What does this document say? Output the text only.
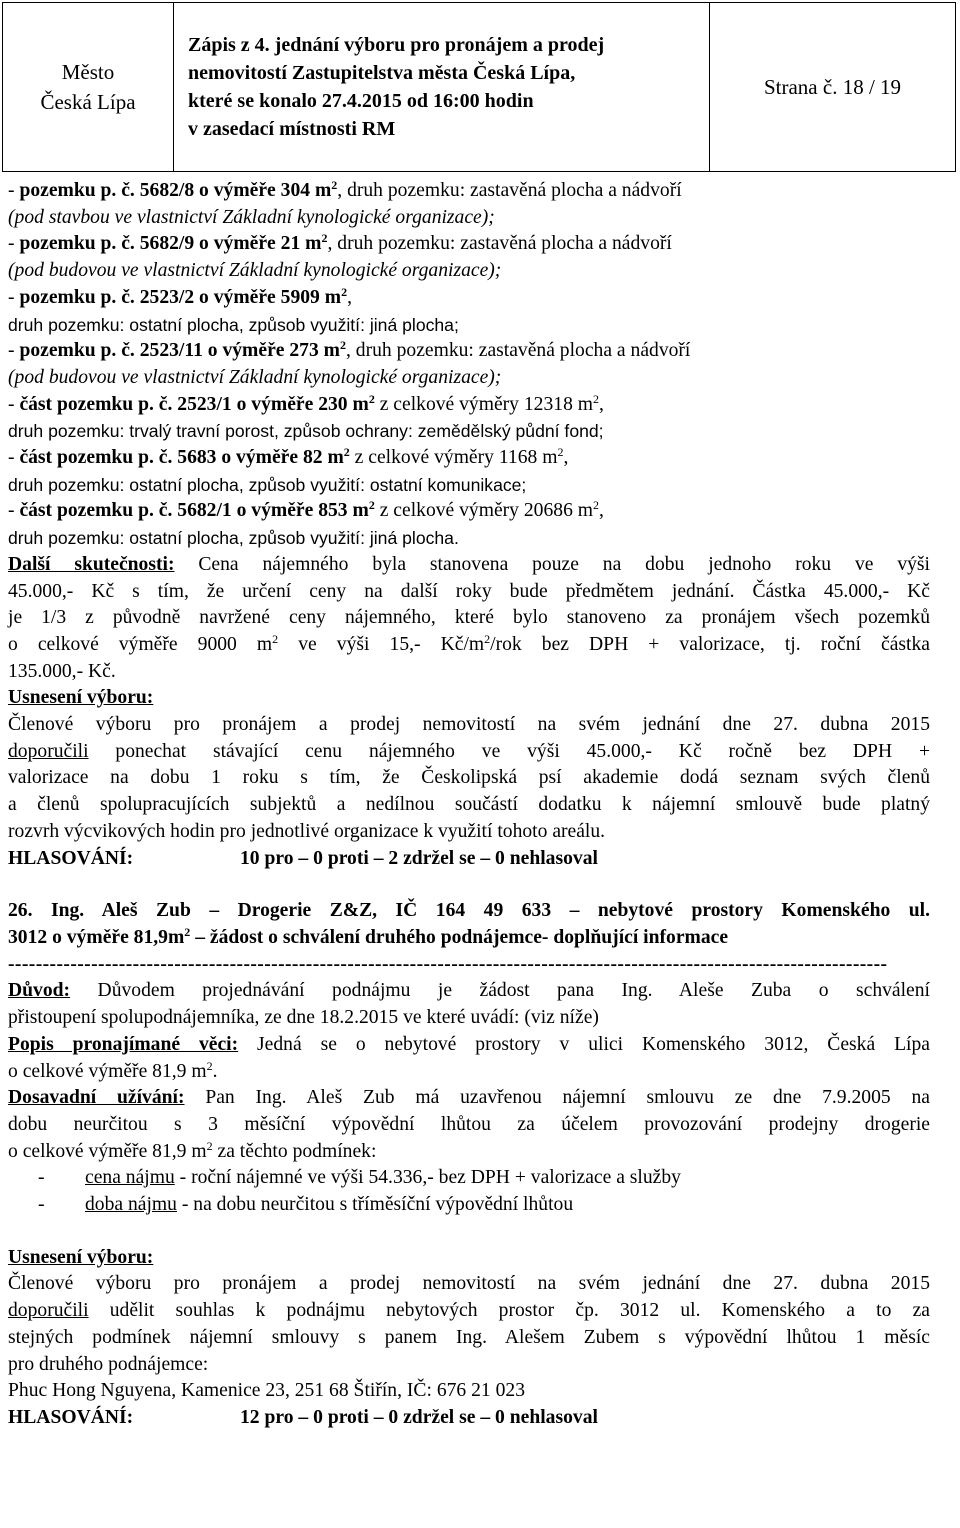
Město
Česká Lípa
Zápis z 4. jednání výboru pro pronájem a prodej
nemovitostí Zastupitelstva města Česká Lípa,
které se konalo 27.4.2015 od 16:00 hodin
v zasedací místnosti RM
Strana č. 18 / 19

- pozemku p. č. 5682/8 o výměře 304 $m^2$, druh pozemku: zastavěná plocha a nádvoří

(pod stavbou ve vlastnictví Základní kynologické organizace);

- pozemku p. č. 5682/9 o výměře 21 $m^2$, druh pozemku: zastavěná plocha a nádvoří

(pod budovou ve vlastnictví Základní kynologické organizace);

- pozemku p. č. 2523/2 o výměře 5909 $m^2$,

druh pozemku: ostatní plocha, způsob využití: jiná plocha;

- pozemku p. č. 2523/11 o výměře 273 $m^2$, druh pozemku: zastavěná plocha a nádvoří

(pod budovou ve vlastnictví Základní kynologické organizace);

- část pozemku p. č. 2523/1 o výměře 230 $m^2$ z celkové výměry 12318 $m^2$,

druh pozemku: trvalý travní porost, způsob ochrany: zemědělský půdní fond;

- část pozemku p. č. 5683 o výměře 82 $m^2$ z celkové výměry 1168 $m^2$,

druh pozemku: ostatní plocha, způsob využití: ostatní komunikace;

- část pozemku p. č. 5682/1 o výměře 853 $m^2$ z celkové výměry 20686 $m^2$,

druh pozemku: ostatní plocha, způsob využití: jiná plocha.

Další skutečnosti: Cena nájemného byla stanovena pouze na dobu jednoho roku ve výši

45.000,- Kč s tím, že určení ceny na další roky bude předmětem jednání. Částka 45.000,- Kč

je 1/3 z původně navržené ceny nájemného, které bylo stanoveno za pronájem všech pozemků

o celkové výměře 9000 $m^2$ ve výši 15,- $Kč/m^2$/rok bez DPH + valorizace, tj. roční částka

135.000,- Kč.

Usnesení výboru:

Členové výboru pro pronájem a prodej nemovitostí na svém jednání dne 27. dubna 2015

doporučili ponechat stávající cenu nájemného ve výši 45.000,- Kč ročně bez DPH +

valorizace na dobu 1 roku s tím, že Českolipská psí akademie dodá seznam svých členů

a členů spolupracujících subjektů a nedílnou součástí dodatku k nájemní smlouvě bude platný

rozvrh výcvikových hodin pro jednotlivé organizace k využití tohoto areálu.

HLASOVÁNÍ:	10 pro – 0 proti – 2 zdržel se – 0 nehlasoval

26. Ing. Aleš Zub – Drogerie Z&Z, IČ 164 49 633 – nebytové prostory Komenského ul.

3012 o výměře $81,9m^2$ – žádost o schválení druhého podnájemce- doplňující informace

-------------------------------------------------------------------------------------------------------------------------------

Důvod: Důvodem projednávání podnájmu je žádost pana Ing. Aleše Zuba o schválení

přistoupení spolupodnájemníka, ze dne 18.2.2015 ve které uvádí: (viz níže)

Popis pronajímané věci: Jedná se o nebytové prostory v ulici Komenského 3012, Česká Lípa

o celkové výměře 81,9 $m^2$.

Dosavadní užívání: Pan Ing. Aleš Zub má uzavřenou nájemní smlouvu ze dne 7.9.2005 na

dobu neurčitou s 3 měsíční výpovědní lhůtou za účelem provozování prodejny drogerie

o celkové výměře 81,9 $m^2$ za těchto podmínek:

- cena nájmu - roční nájemné ve výši 54.336,- bez DPH + valorizace a služby

- doba nájmu - na dobu neurčitou s tříměsíční výpovědní lhůtou

Usnesení výboru:

Členové výboru pro pronájem a prodej nemovitostí na svém jednání dne 27. dubna 2015

doporučili udělit souhlas k podnájmu nebytových prostor čp. 3012 ul. Komenského a to za

stejných podmínek nájemní smlouvy s panem Ing. Alešem Zubem s výpovědní lhůtou 1 měsíc

pro druhého podnájemce:

Phuc Hong Nguyena, Kamenice 23, 251 68 Štiřín, IČ: 676 21 023

HLASOVÁNÍ:	12 pro – 0 proti – 0 zdržel se – 0 nehlasoval
